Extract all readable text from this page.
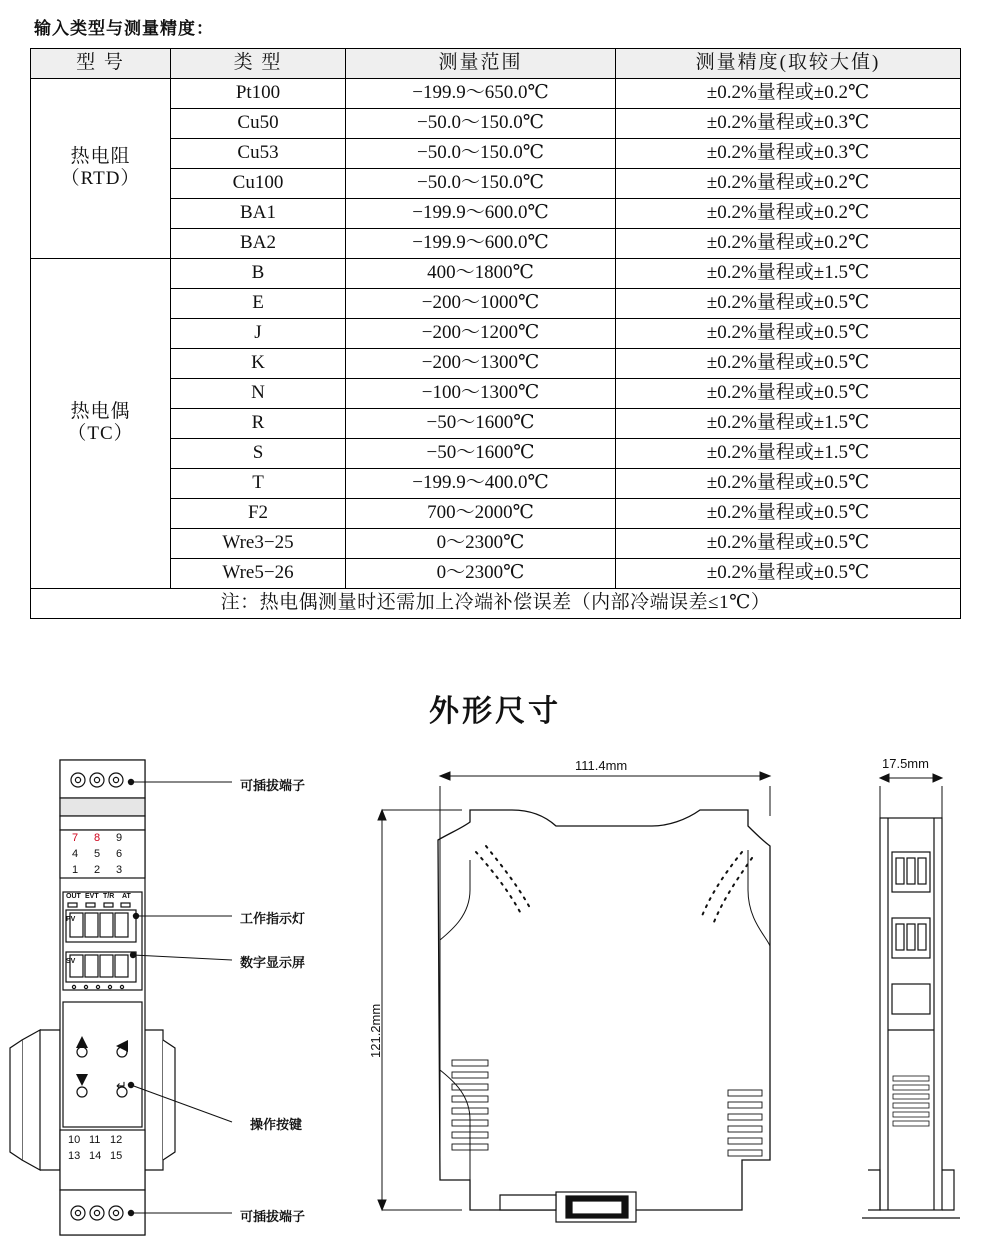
输入类型与测量精度：
型 号	类 型	测量范围	测量精度(取较大值)
热电阻
（RTD）	Pt100	−199.9～650.0℃	±0.2%量程或±0.2℃
	Cu50	−50.0～150.0℃	±0.2%量程或±0.3℃
	Cu53	−50.0～150.0℃	±0.2%量程或±0.3℃
	Cu100	−50.0～150.0℃	±0.2%量程或±0.2℃
	BA1	−199.9～600.0℃	±0.2%量程或±0.2℃
	BA2	−199.9～600.0℃	±0.2%量程或±0.2℃
热电偶
（TC）	B	400～1800℃	±0.2%量程或±1.5℃
	E	−200～1000℃	±0.2%量程或±0.5℃
	J	−200～1200℃	±0.2%量程或±0.5℃
	K	−200～1300℃	±0.2%量程或±0.5℃
	N	−100～1300℃	±0.2%量程或±0.5℃
	R	−50～1600℃	±0.2%量程或±1.5℃
	S	−50～1600℃	±0.2%量程或±1.5℃
	T	−199.9～400.0℃	±0.2%量程或±0.5℃
	F2	700～2000℃	±0.2%量程或±0.5℃
	Wre3−25	0～2300℃	±0.2%量程或±0.5℃
	Wre5−26	0～2300℃	±0.2%量程或±0.5℃
注：热电偶测量时还需加上冷端补偿误差（内部冷端误差≤1℃）			
外形尺寸
可插拔端子
工作指示灯
数字显示屏
操作按键
可插拔端子
111.4mm
121.2mm
17.5mm
7 8 9
4 5 6
1 2 3
OUT EVT T/R AT
PV
SV
10 11 12
13 14 15
↵
